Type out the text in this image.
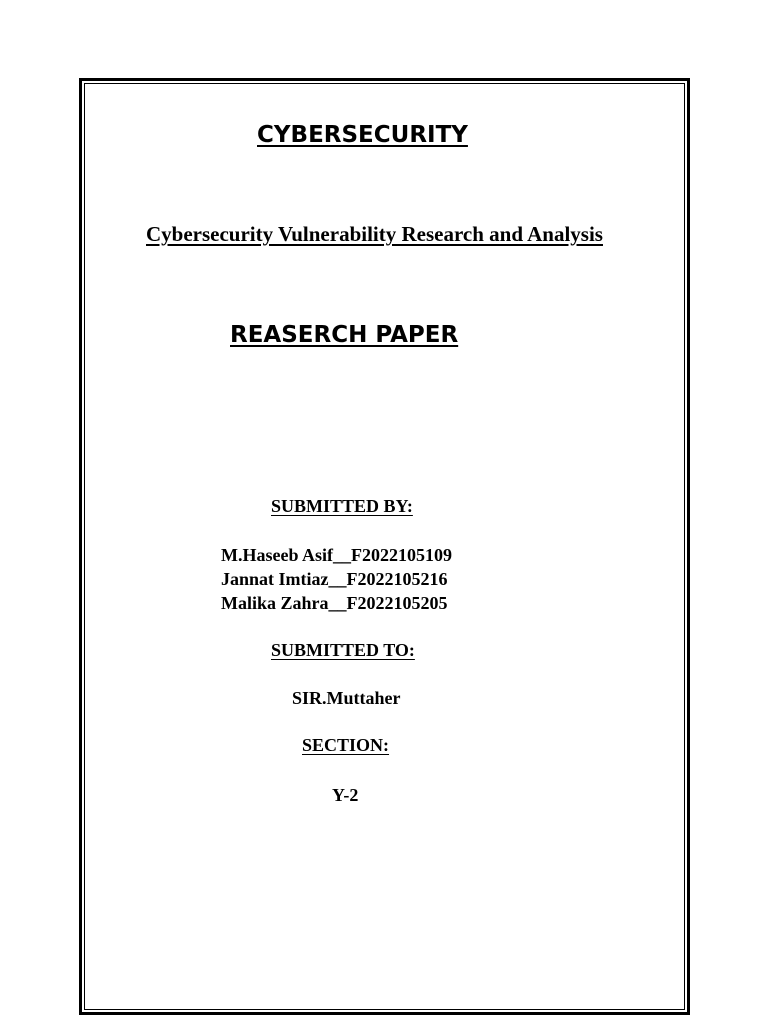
CYBERSECURITY
Cybersecurity Vulnerability Research and Analysis
REASERCH PAPER
SUBMITTED BY:
M.Haseeb Asif__F2022105109
Jannat Imtiaz__F2022105216
Malika Zahra__F2022105205
SUBMITTED TO:
SIR.Muttaher
SECTION:
Y-2
